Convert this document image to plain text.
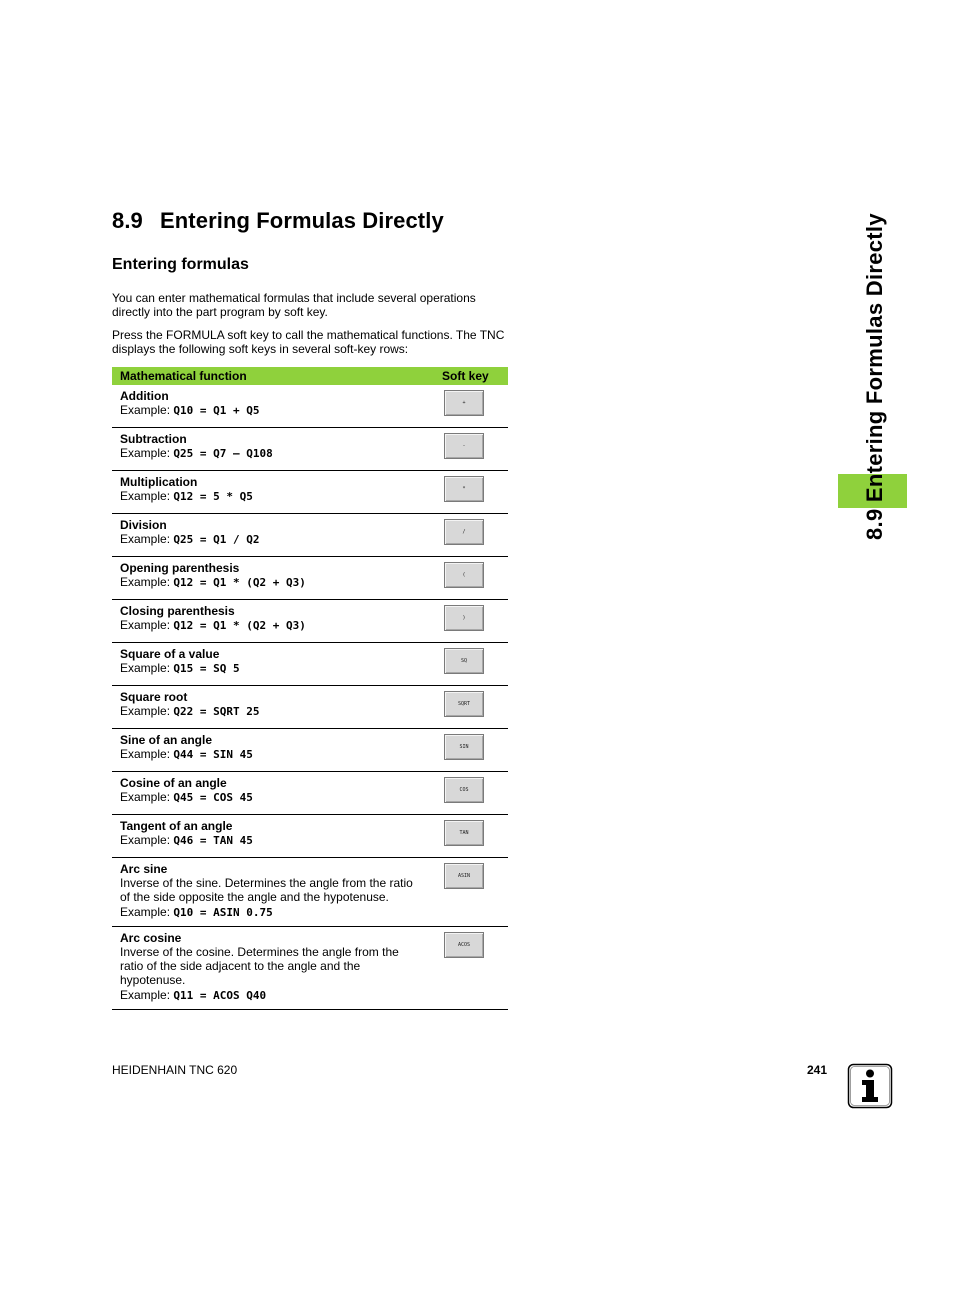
8.9 Entering Formulas Directly
Entering formulas

You can enter mathematical formulas that include several operations directly into the part program by soft key.

Press the FORMULA soft key to call the mathematical functions. The TNC displays the following soft keys in several soft-key rows:

Mathematical function	Soft key

Addition
Example: Q10 = Q1 + Q5	+

Subtraction
Example: Q25 = Q7 – Q108	-

Multiplication
Example: Q12 = 5 * Q5	*

Division
Example: Q25 = Q1 / Q2	/

Opening parenthesis
Example: Q12 = Q1 * (Q2 + Q3)	(

Closing parenthesis
Example: Q12 = Q1 * (Q2 + Q3)	)

Square of a value
Example: Q15 = SQ 5	SQ

Square root
Example: Q22 = SQRT 25	SQRT

Sine of an angle
Example: Q44 = SIN 45	SIN

Cosine of an angle
Example: Q45 = COS 45	COS

Tangent of an angle
Example: Q46 = TAN 45	TAN

Arc sine
Inverse of the sine. Determines the angle from the ratio of the side opposite the angle and the hypotenuse.
Example: Q10 = ASIN 0.75	ASIN

Arc cosine
Inverse of the cosine. Determines the angle from the ratio of the side adjacent to the angle and the hypotenuse.
Example: Q11 = ACOS Q40	ACOS
8.9 Entering Formulas Directly

HEIDENHAIN TNC 620	241
